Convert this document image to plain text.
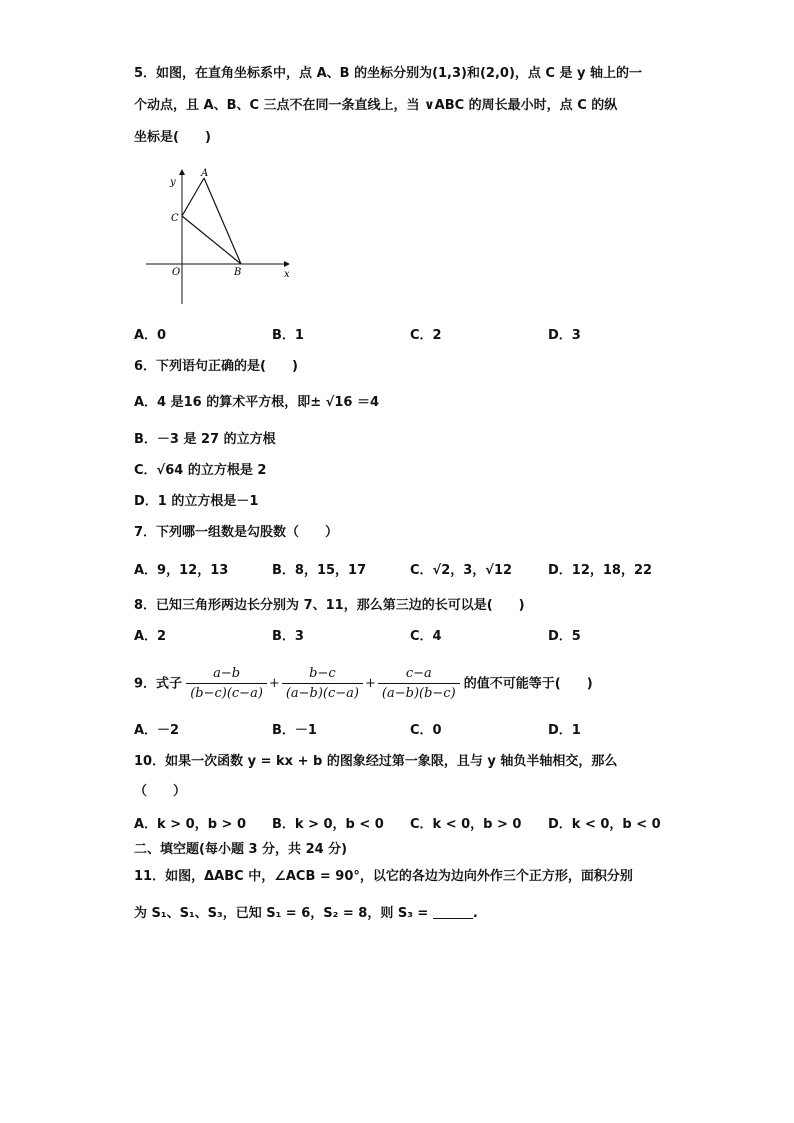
5．如图，在直角坐标系中，点 A、B 的坐标分别为(1,3)和(2,0)，点 C 是 y 轴上的一
个动点，且 A、B、C 三点不在同一条直线上，当 ∨ABC 的周长最小时，点 C 的纵
坐标是(　　)
y
A
C
O	B	x
A．0	B．1	C．2	D．3
6．下列语句正确的是(　　)
A．4 是16 的算术平方根，即± √16 ＝4
B．－3 是 27 的立方根
C．√64 的立方根是 2
D．1 的立方根是－1
7．下列哪一组数是勾股数（　　）
A．9，12，13	B．8，15，17	C．√2，3，√12	D．12，18，22
8．已知三角形两边长分别为 7、11，那么第三边的长可以是(　　)
A．2	B．3	C．4	D．5
9．式子 $\frac{a-b}{(b-c)(c-a)} + \frac{b-c}{(a-b)(c-a)} + \frac{c-a}{(a-b)(b-c)}$ 的值不可能等于(　　)
A．－2	B．－1	C．0	D．1
10．如果一次函数 y = kx + b 的图象经过第一象限，且与 y 轴负半轴相交，那么
（　　）
A．k > 0，b > 0 B．k > 0，b < 0 C．k < 0，b > 0 D．k < 0，b < 0
二、填空题(每小题 3 分，共 24 分)
11．如图，ΔABC 中，∠ACB = 90°，以它的各边为边向外作三个正方形，面积分别
为 S₁、S₁、S₃，已知 S₁ = 6，S₂ = 8，则 S₃ =	.
